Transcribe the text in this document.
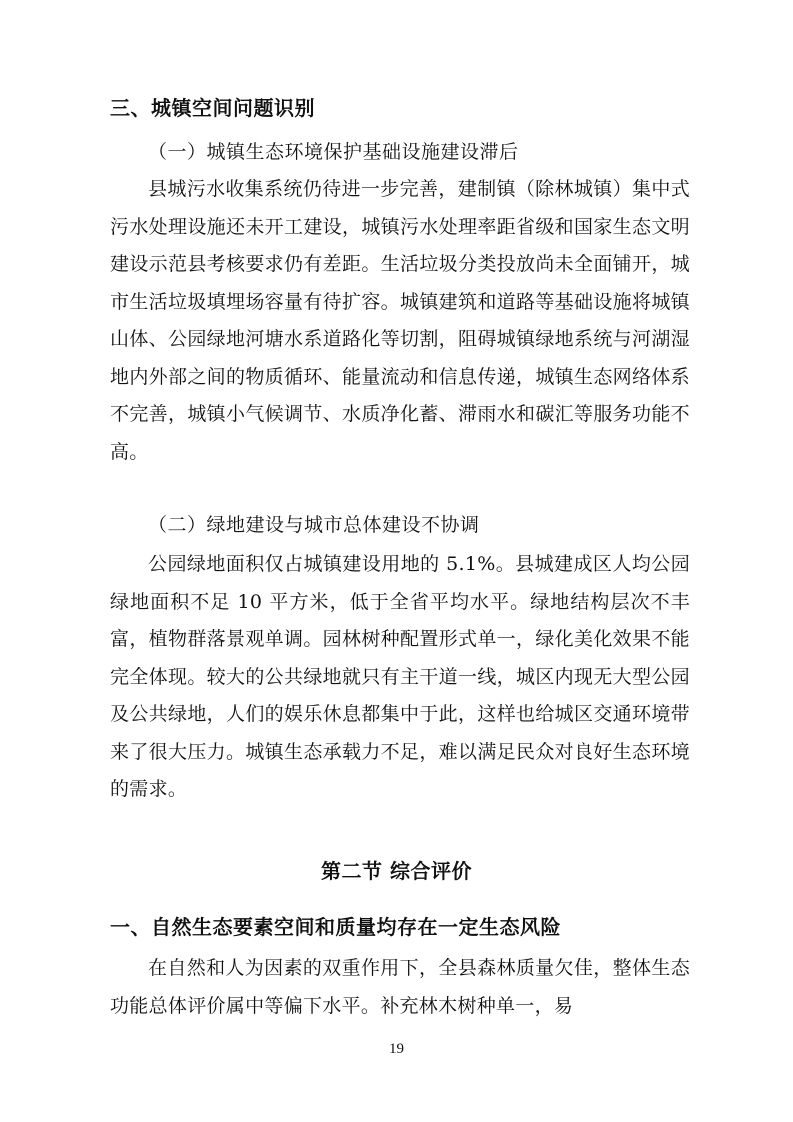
三、城镇空间问题识别
（一）城镇生态环境保护基础设施建设滞后
县城污水收集系统仍待进一步完善，建制镇（除林城镇）集中式污水处理设施还未开工建设，城镇污水处理率距省级和国家生态文明建设示范县考核要求仍有差距。生活垃圾分类投放尚未全面铺开，城市生活垃圾填埋场容量有待扩容。城镇建筑和道路等基础设施将城镇山体、公园绿地河塘水系道路化等切割，阻碍城镇绿地系统与河湖湿地内外部之间的物质循环、能量流动和信息传递，城镇生态网络体系不完善，城镇小气候调节、水质净化蓄、滞雨水和碳汇等服务功能不高。
（二）绿地建设与城市总体建设不协调
公园绿地面积仅占城镇建设用地的 5.1%。县城建成区人均公园绿地面积不足 10 平方米，低于全省平均水平。绿地结构层次不丰富，植物群落景观单调。园林树种配置形式单一，绿化美化效果不能完全体现。较大的公共绿地就只有主干道一线，城区内现无大型公园及公共绿地，人们的娱乐休息都集中于此，这样也给城区交通环境带来了很大压力。城镇生态承载力不足，难以满足民众对良好生态环境的需求。
第二节 综合评价
一、自然生态要素空间和质量均存在一定生态风险
在自然和人为因素的双重作用下，全县森林质量欠佳，整体生态功能总体评价属中等偏下水平。补充林木树种单一，易
19
